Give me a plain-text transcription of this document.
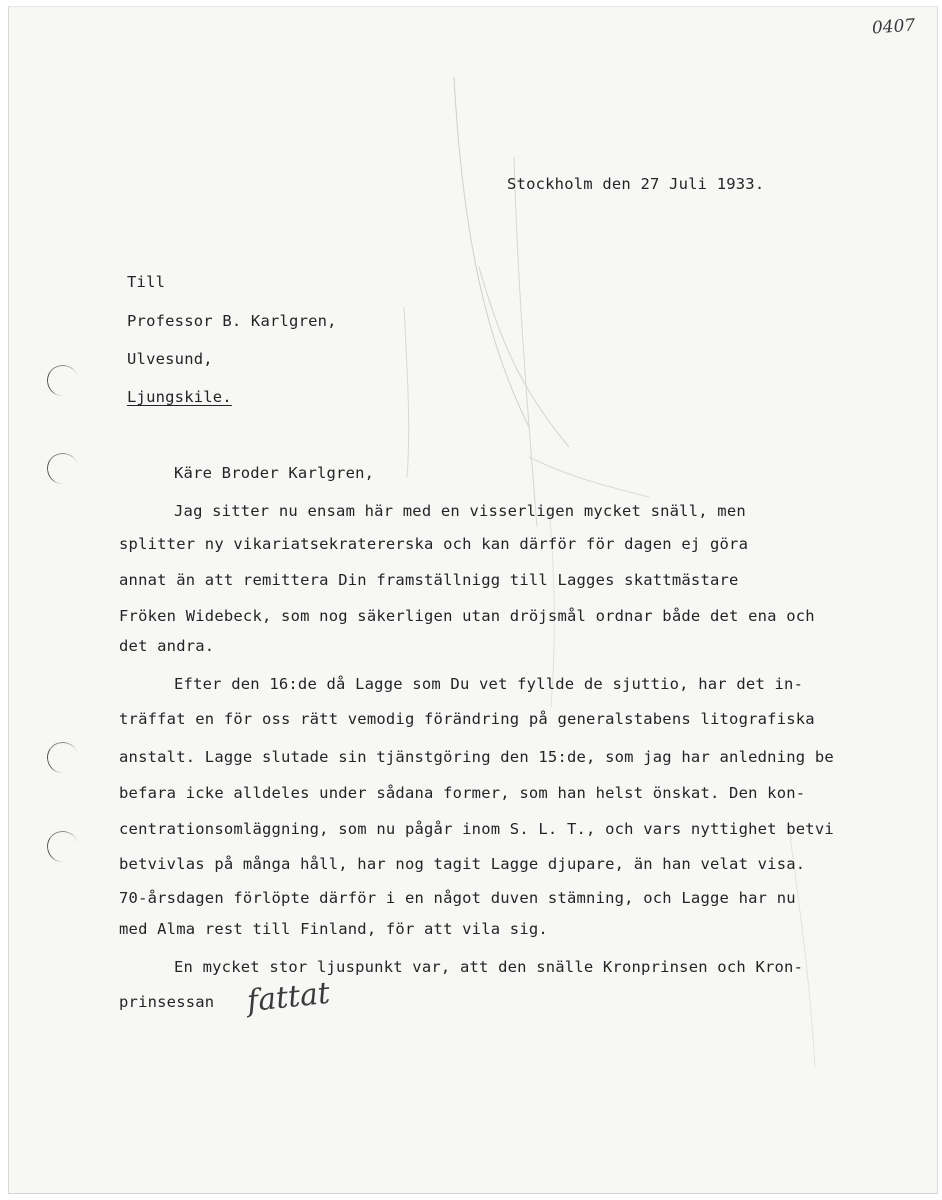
0407
Stockholm den 27 Juli 1933.
Till
Professor B. Karlgren,
Ulvesund,
Ljungskile.
Käre Broder Karlgren,
Jag sitter nu ensam här med en visserligen mycket snäll, men
splitter ny vikariatsekratererska och kan därför för dagen ej göra
annat än att remittera Din framställnigg till Lagges skattmästare
Fröken Widebeck, som nog säkerligen utan dröjsmål ordnar både det ena och
det andra.
Efter den 16:de då Lagge som Du vet fyllde de sjuttio, har det in-
träffat en för oss rätt vemodig förändring på generalstabens litografiska
anstalt. Lagge slutade sin tjänstgöring den 15:de, som jag har anledning be
befara icke alldeles under sådana former, som han helst önskat. Den kon-
centrationsomläggning, som nu pågår inom S. L. T., och vars nyttighet betvi
betvivlas på många håll, har nog tagit Lagge djupare, än han velat visa.
70-årsdagen förlöpte därför i en något duven stämning, och Lagge har nu
med Alma rest till Finland, för att vila sig.
En mycket stor ljuspunkt var, att den snälle Kronprinsen och Kron-
prinsessan fattat
